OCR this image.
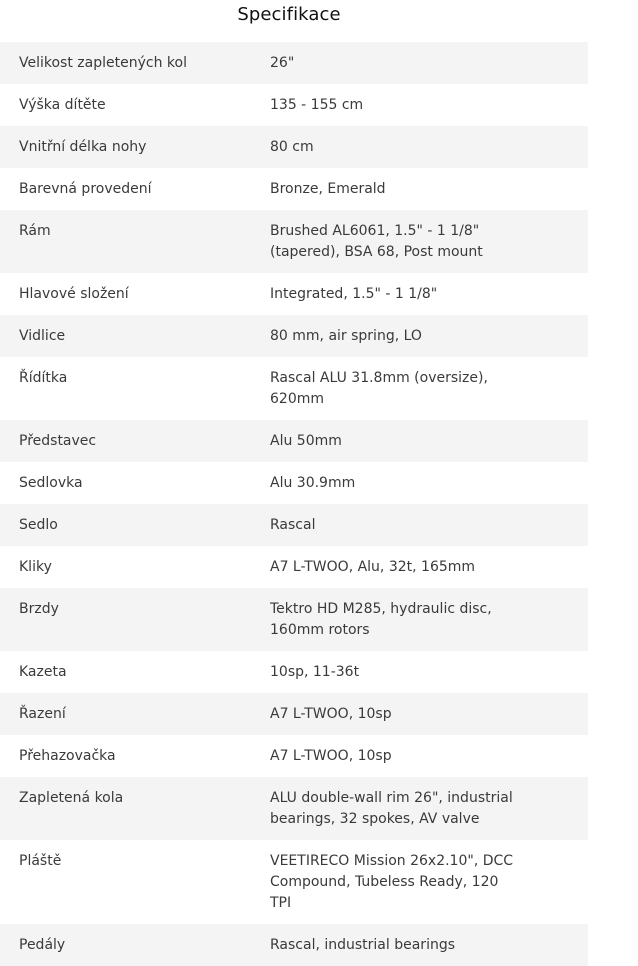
Specifikace
Velikost zapletených kol	26"
Výška dítěte	135 - 155 cm
Vnitřní délka nohy	80 cm
Barevná provedení	Bronze, Emerald
Rám	Brushed AL6061, 1.5" - 1 1/8" (tapered), BSA 68, Post mount
Hlavové složení	Integrated, 1.5" - 1 1/8"
Vidlice	80 mm, air spring, LO
Řídítka	Rascal ALU 31.8mm (oversize), 620mm
Představec	Alu 50mm
Sedlovka	Alu 30.9mm
Sedlo	Rascal
Kliky	A7 L-TWOO, Alu, 32t, 165mm
Brzdy	Tektro HD M285, hydraulic disc, 160mm rotors
Kazeta	10sp, 11-36t
Řazení	A7 L-TWOO, 10sp
Přehazovačka	A7 L-TWOO, 10sp
Zapletená kola	ALU double-wall rim 26", industrial bearings, 32 spokes, AV valve
Pláště	VEETIRECO Mission 26x2.10", DCC Compound, Tubeless Ready, 120 TPI
Pedály	Rascal, industrial bearings
